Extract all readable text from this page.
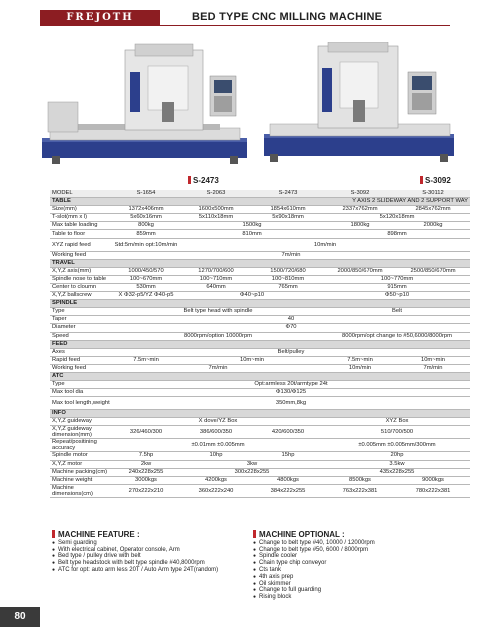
FREJOTH	BED TYPE CNC MILLING MACHINE
S-2473	S-3092
MODEL	S-1654	S-2063	S-2473	S-3092	S-30112
TABLE	Y AXIS 2 SLIDEWAY AND 2 SUPPORT WAY				
Size(mm)	1372x406mm	1600x500mm	1854x610mm	2337x762mm	2845x762mm
T-slot(mm x l)	5x60x16mm	5x110x18mm	5x90x18mm	5x120x18mm	
Max table loading	800kg	1500kg		1800kg	2000kg
Table to floor	859mm	810mm		898mm	
XYZ rapid feed	Std:5m/min opt:10m/min	10m/min			
Working feed	7m/min				
TRAVEL					
X,Y,Z axis(mm)	1000/450/570	1270/700/600	1500/720/680	2000/850/670mm	2500/850/670mm
Spindle nose to table	100~670mm	100~710mm	100~810mm	100~770mm	
Center to cloumn	530mm	640mm	765mm	915mm	
X,Y,Z ballscrew	X Φ32-p5/YZ Φ40-p5	Φ40~p10		Φ50~p10	
SPINDLE					
Type	Belt type head with spindle			Belt	
Taper	40				
Diameter	Φ70				
Speed	8000rpm/option 10000rpm			8000rpm/opt change to #50,6000/8000rpm	
FEED					
Axes	Belt/pulley				
Rapid feed	7.5m~min	10m~min		7.5m~min	10m~min
Working feed	7m/min			10m/min	7m/min
ATC					
Type	Opt:armless 20t/armtype 24t				
Max tool dia	Φ130/Φ125				
Max tool length,weight	350mm,8kg				
INFO					
X,Y,Z guideway	X dove/YZ Box			XYZ Box	
X,Y,Z guideway dimension(mm)	326/460/300	386/600/350	420/600/350	510/700/500	
Repeat/positining accuracy	±0.01mm ±0.005mm			±0.005mm ±0.005mm/300mm	
Spindle motor	7.5hp	10hp	15hp	20hp	
X,Y,Z motor	2kw	3kw		3.5kw	
Machine packing(cm)	240x228x255	300x228x255		435x228x255	
Machine weight	3000kgs	4200kgs	4800kgs	8500kgs	9000kgs
Machine dimensions(cm)	270x222x210	360x222x240	384x222x255	763x222x381	780x222x381
MACHINE FEATURE :
● Semi guarding
● With electrical cabinet, Operator console, Arm
● Bed type / pulley drive with belt
● Belt type headstock with belt type spindle #40,8000rpm
● ATC for opt: auto arm less 20T / Auto Arm type 24T(random)
MACHINE OPTIONAL :
● Change to belt type #40, 10000 / 12000rpm
● Change to belt type #50, 6000 / 8000rpm
● Spindle cooler
● Chain type chip conveyor
● Cts tank
● 4th axis prep
● Oil skimmer
● Change to full guarding
● Rising block
80
